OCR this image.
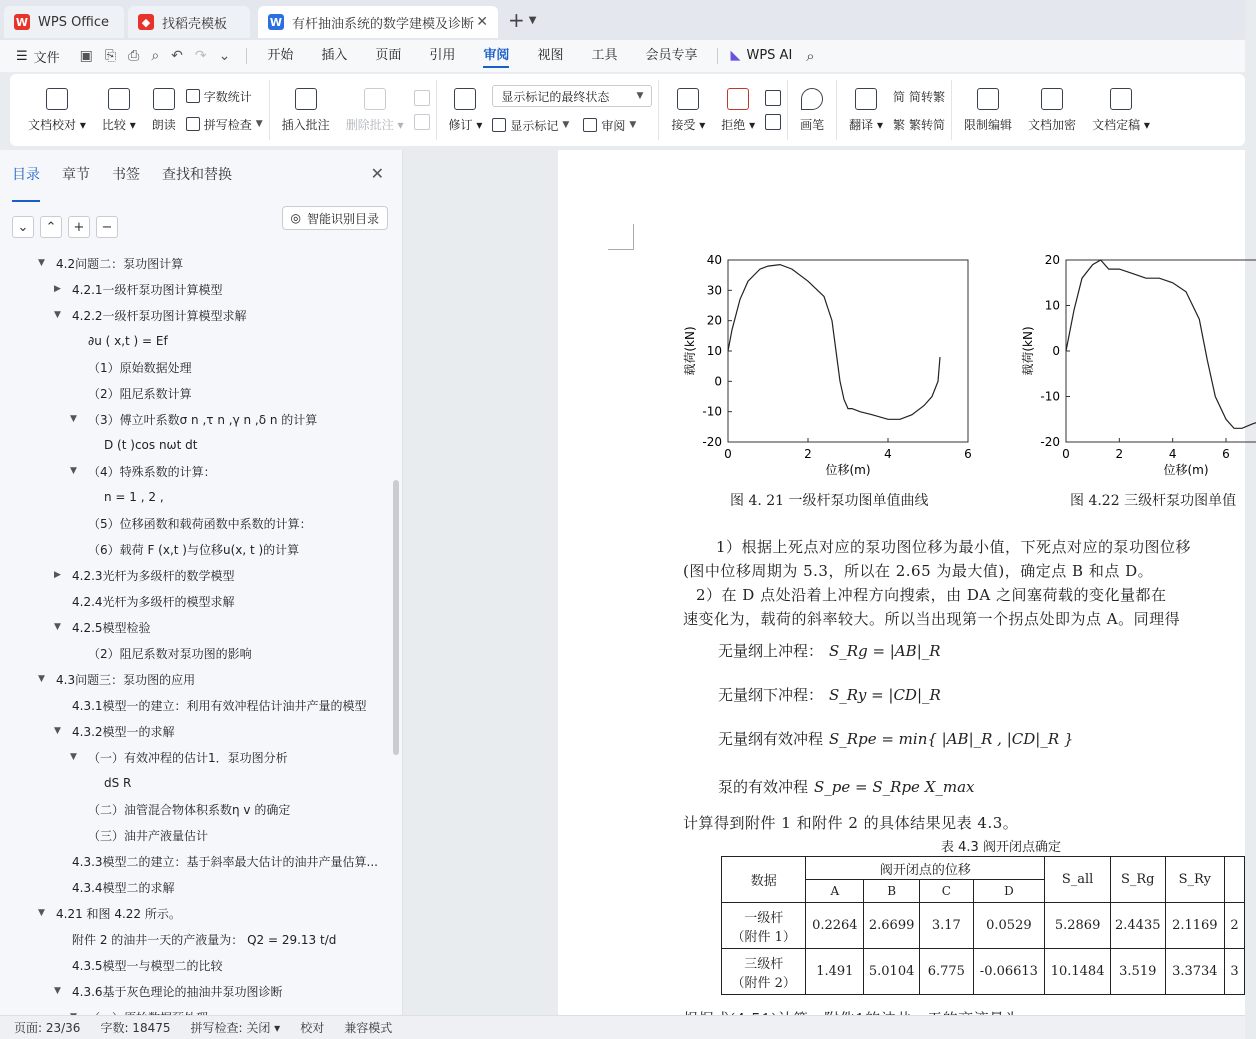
W WPS Office	◆ 找稻壳模板	W 有杆抽油系统的数学建模及诊断 ✕ + ▼
☰ 文件 ▣ ⎘ ⎙ ⌕ ↶ ↷ ⌄	开始	插入	页面	引用	审阅	视图	工具	会员专享	◣ WPS AI ⌕
文档校对 ▾ 比较 ▾ 朗读
字数统计
拼写检查 ▼ 插入批注 删除批注 ▾	修订 ▾
显示标记的最终状态	▼
显示标记 ▼	审阅 ▼	接受 ▾ 拒绝 ▾	画笔 翻译 ▾
简 简转繁
繁 繁转简 限制编辑 文档加密 文档定稿 ▾
目录 章节 书签 查找和替换	✕
⌄	⌃	+	−
◎ 智能识别目录
▼ 4.2问题二：泵功图计算
▶ 4.2.1一级杆泵功图计算模型
▼ 4.2.2一级杆泵功图计算模型求解
∂u ( x,t ) = Ef
（1）原始数据处理
（2）阻尼系数计算
▼ （3）傅立叶系数σ n ,τ n ,γ n ,δ n 的计算
D (t )cos nωt dt
▼ （4）特殊系数的计算：
n = 1 , 2 ,
（5）位移函数和载荷函数中系数的计算：
（6）载荷 F (x,t )与位移u(x, t )的计算
▶ 4.2.3光杆为多级杆的数学模型
4.2.4光杆为多级杆的模型求解
▼ 4.2.5模型检验
（2）阻尼系数对泵功图的影响
▼ 4.3问题三：泵功图的应用
4.3.1模型一的建立：利用有效冲程估计油井产量的模型
▼ 4.3.2模型一的求解
▼ （一）有效冲程的估计1．泵功图分析
dS R
（二）油管混合物体积系数η v 的确定
（三）油井产液量估计
4.3.3模型二的建立：基于斜率最大估计的油井产量估算...
4.3.4模型二的求解
▼ 4.21 和图 4.22 所示。
附件 2 的油井一天的产液量为： Q2 = 29.13 t/d
4.3.5模型一与模型二的比较
▼ 4.3.6基于灰色理论的抽油井泵功图诊断
0	2	4	6
40
30
20
10
0
-10
-20
位移(m)
载荷(kN)
图 4. 21 一级杆泵功图单值曲线
0	2	4	6
20
10
0
-10
-20
位移(m)
载荷(kN)
图 4.22 三级杆泵功图单值
1）根据上死点对应的泵功图位移为最小值，下死点对应的泵功图位移
(图中位移周期为 5.3，所以在 2.65 为最大值)，确定点 B 和点 D。
2）在 D 点处沿着上冲程方向搜索，由 DA 之间塞荷载的变化量都在
速变化为，载荷的斜率较大。所以当出现第一个拐点处即为点 A。同理得
无量纲上冲程： S_Rg = |AB|_R
无量纲下冲程： S_Ry = |CD|_R
无量纲有效冲程 S_Rpe = min{ |AB|_R , |CD|_R }
泵的有效冲程 S_pe = S_Rpe X_max
计算得到附件 1 和附件 2 的具体结果见表 4.3。
表 4.3 阀开闭点确定
数据	阀开闭点的位移				S_all	S_Rg	S_Ry	
	A	B	C	D				
一级杆
（附件 1）	0.2264	2.6699	3.17	0.0529	5.2869	2.4435	2.1169	2
三级杆
（附件 2）	1.491	5.0104	6.775	-0.06613	10.1484	3.519	3.3734	3
页面: 23/36 字数: 18475 拼写检查: 关闭 ▾ 校对 兼容模式
